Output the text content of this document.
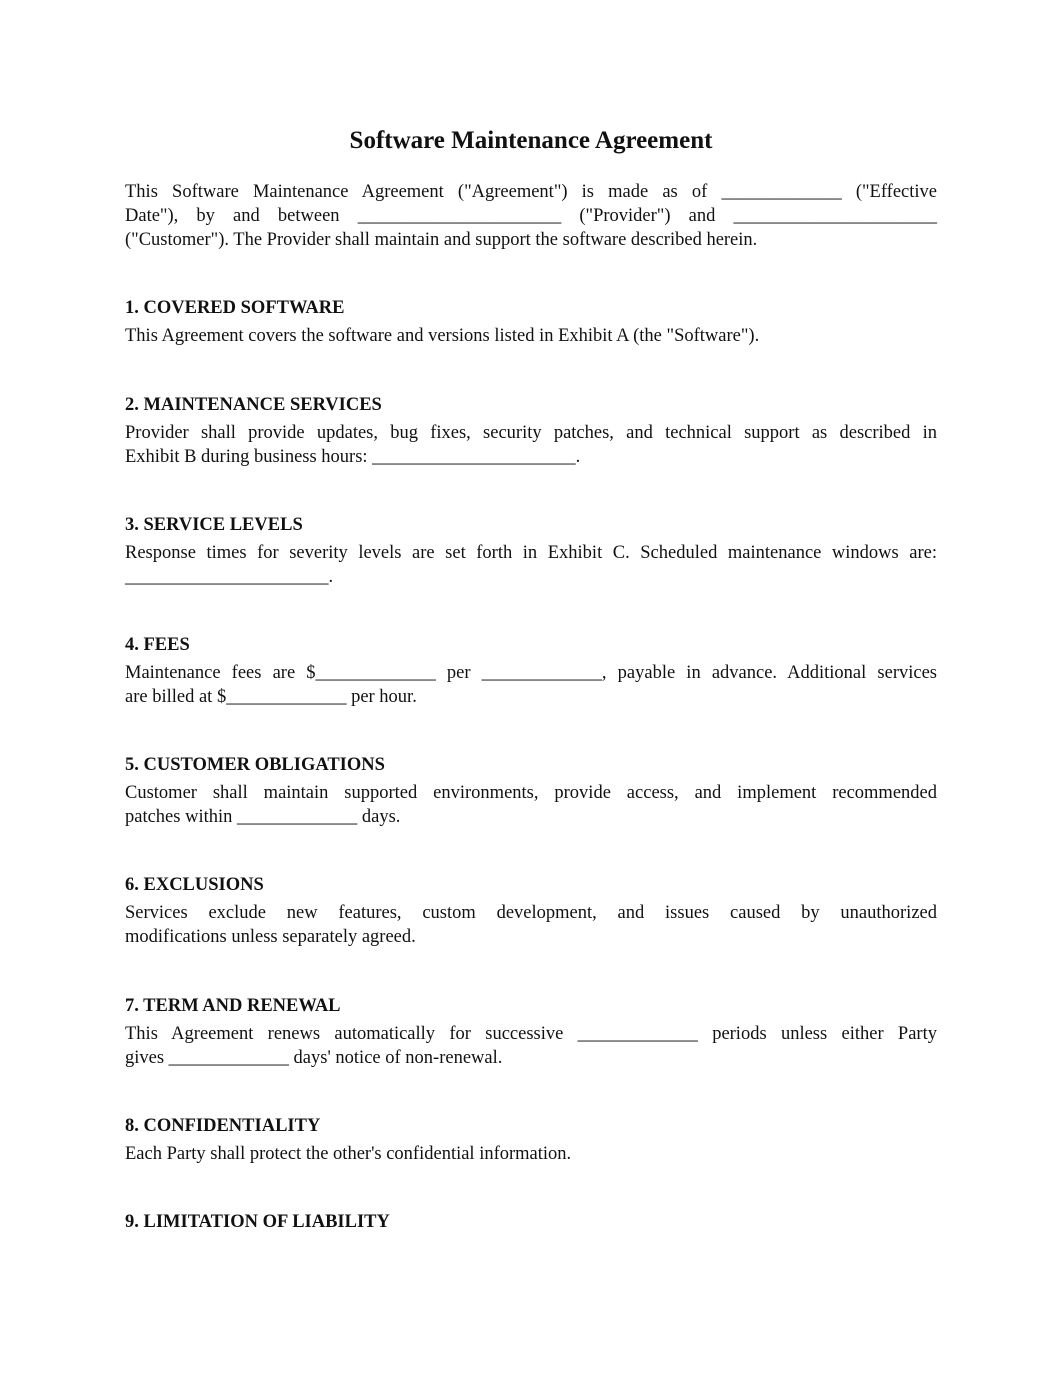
Software Maintenance Agreement
This Software Maintenance Agreement ("Agreement") is made as of _____________ ("Effective
Date"), by and between ______________________ ("Provider") and ______________________
("Customer"). The Provider shall maintain and support the software described herein.
1. COVERED SOFTWARE
This Agreement covers the software and versions listed in Exhibit A (the "Software").
2. MAINTENANCE SERVICES
Provider shall provide updates, bug fixes, security patches, and technical support as described in
Exhibit B during business hours: ______________________.
3. SERVICE LEVELS
Response times for severity levels are set forth in Exhibit C. Scheduled maintenance windows are:
______________________.
4. FEES
Maintenance fees are $_____________ per _____________, payable in advance. Additional services
are billed at $_____________ per hour.
5. CUSTOMER OBLIGATIONS
Customer shall maintain supported environments, provide access, and implement recommended
patches within _____________ days.
6. EXCLUSIONS
Services exclude new features, custom development, and issues caused by unauthorized
modifications unless separately agreed.
7. TERM AND RENEWAL
This Agreement renews automatically for successive _____________ periods unless either Party
gives _____________ days' notice of non-renewal.
8. CONFIDENTIALITY
Each Party shall protect the other's confidential information.
9. LIMITATION OF LIABILITY
